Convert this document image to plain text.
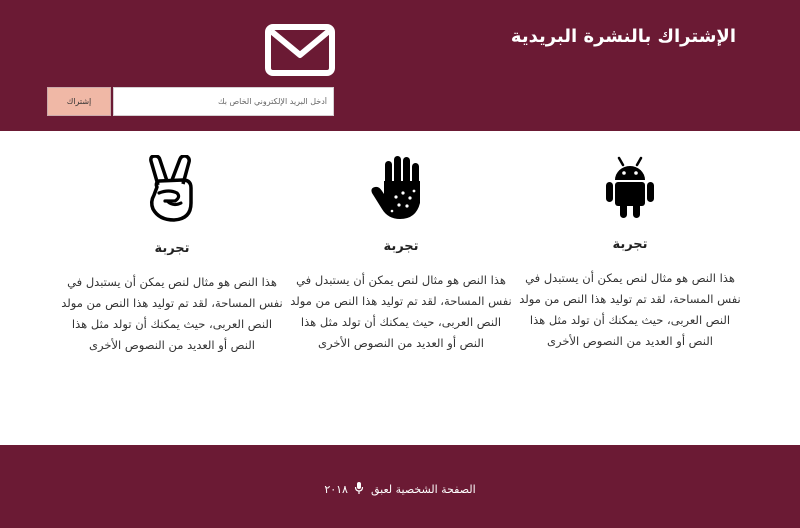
الإشتراك بالنشرة البريدية
أدخل البريد الإلكتروني الخاص بك
إشتراك
تجربة
هذا النص هو مثال لنص يمكن أن يستبدل في نفس المساحة، لقد تم توليد هذا النص من مولد النص العربى، حيث يمكنك أن تولد مثل هذا النص أو العديد من النصوص الأخرى
تجربة
هذا النص هو مثال لنص يمكن أن يستبدل في نفس المساحة، لقد تم توليد هذا النص من مولد النص العربى، حيث يمكنك أن تولد مثل هذا النص أو العديد من النصوص الأخرى
تجربة
هذا النص هو مثال لنص يمكن أن يستبدل في نفس المساحة، لقد تم توليد هذا النص من مولد النص العربى، حيث يمكنك أن تولد مثل هذا النص أو العديد من النصوص الأخرى
الصفحة الشخصية لعبق  ٢٠١٨
